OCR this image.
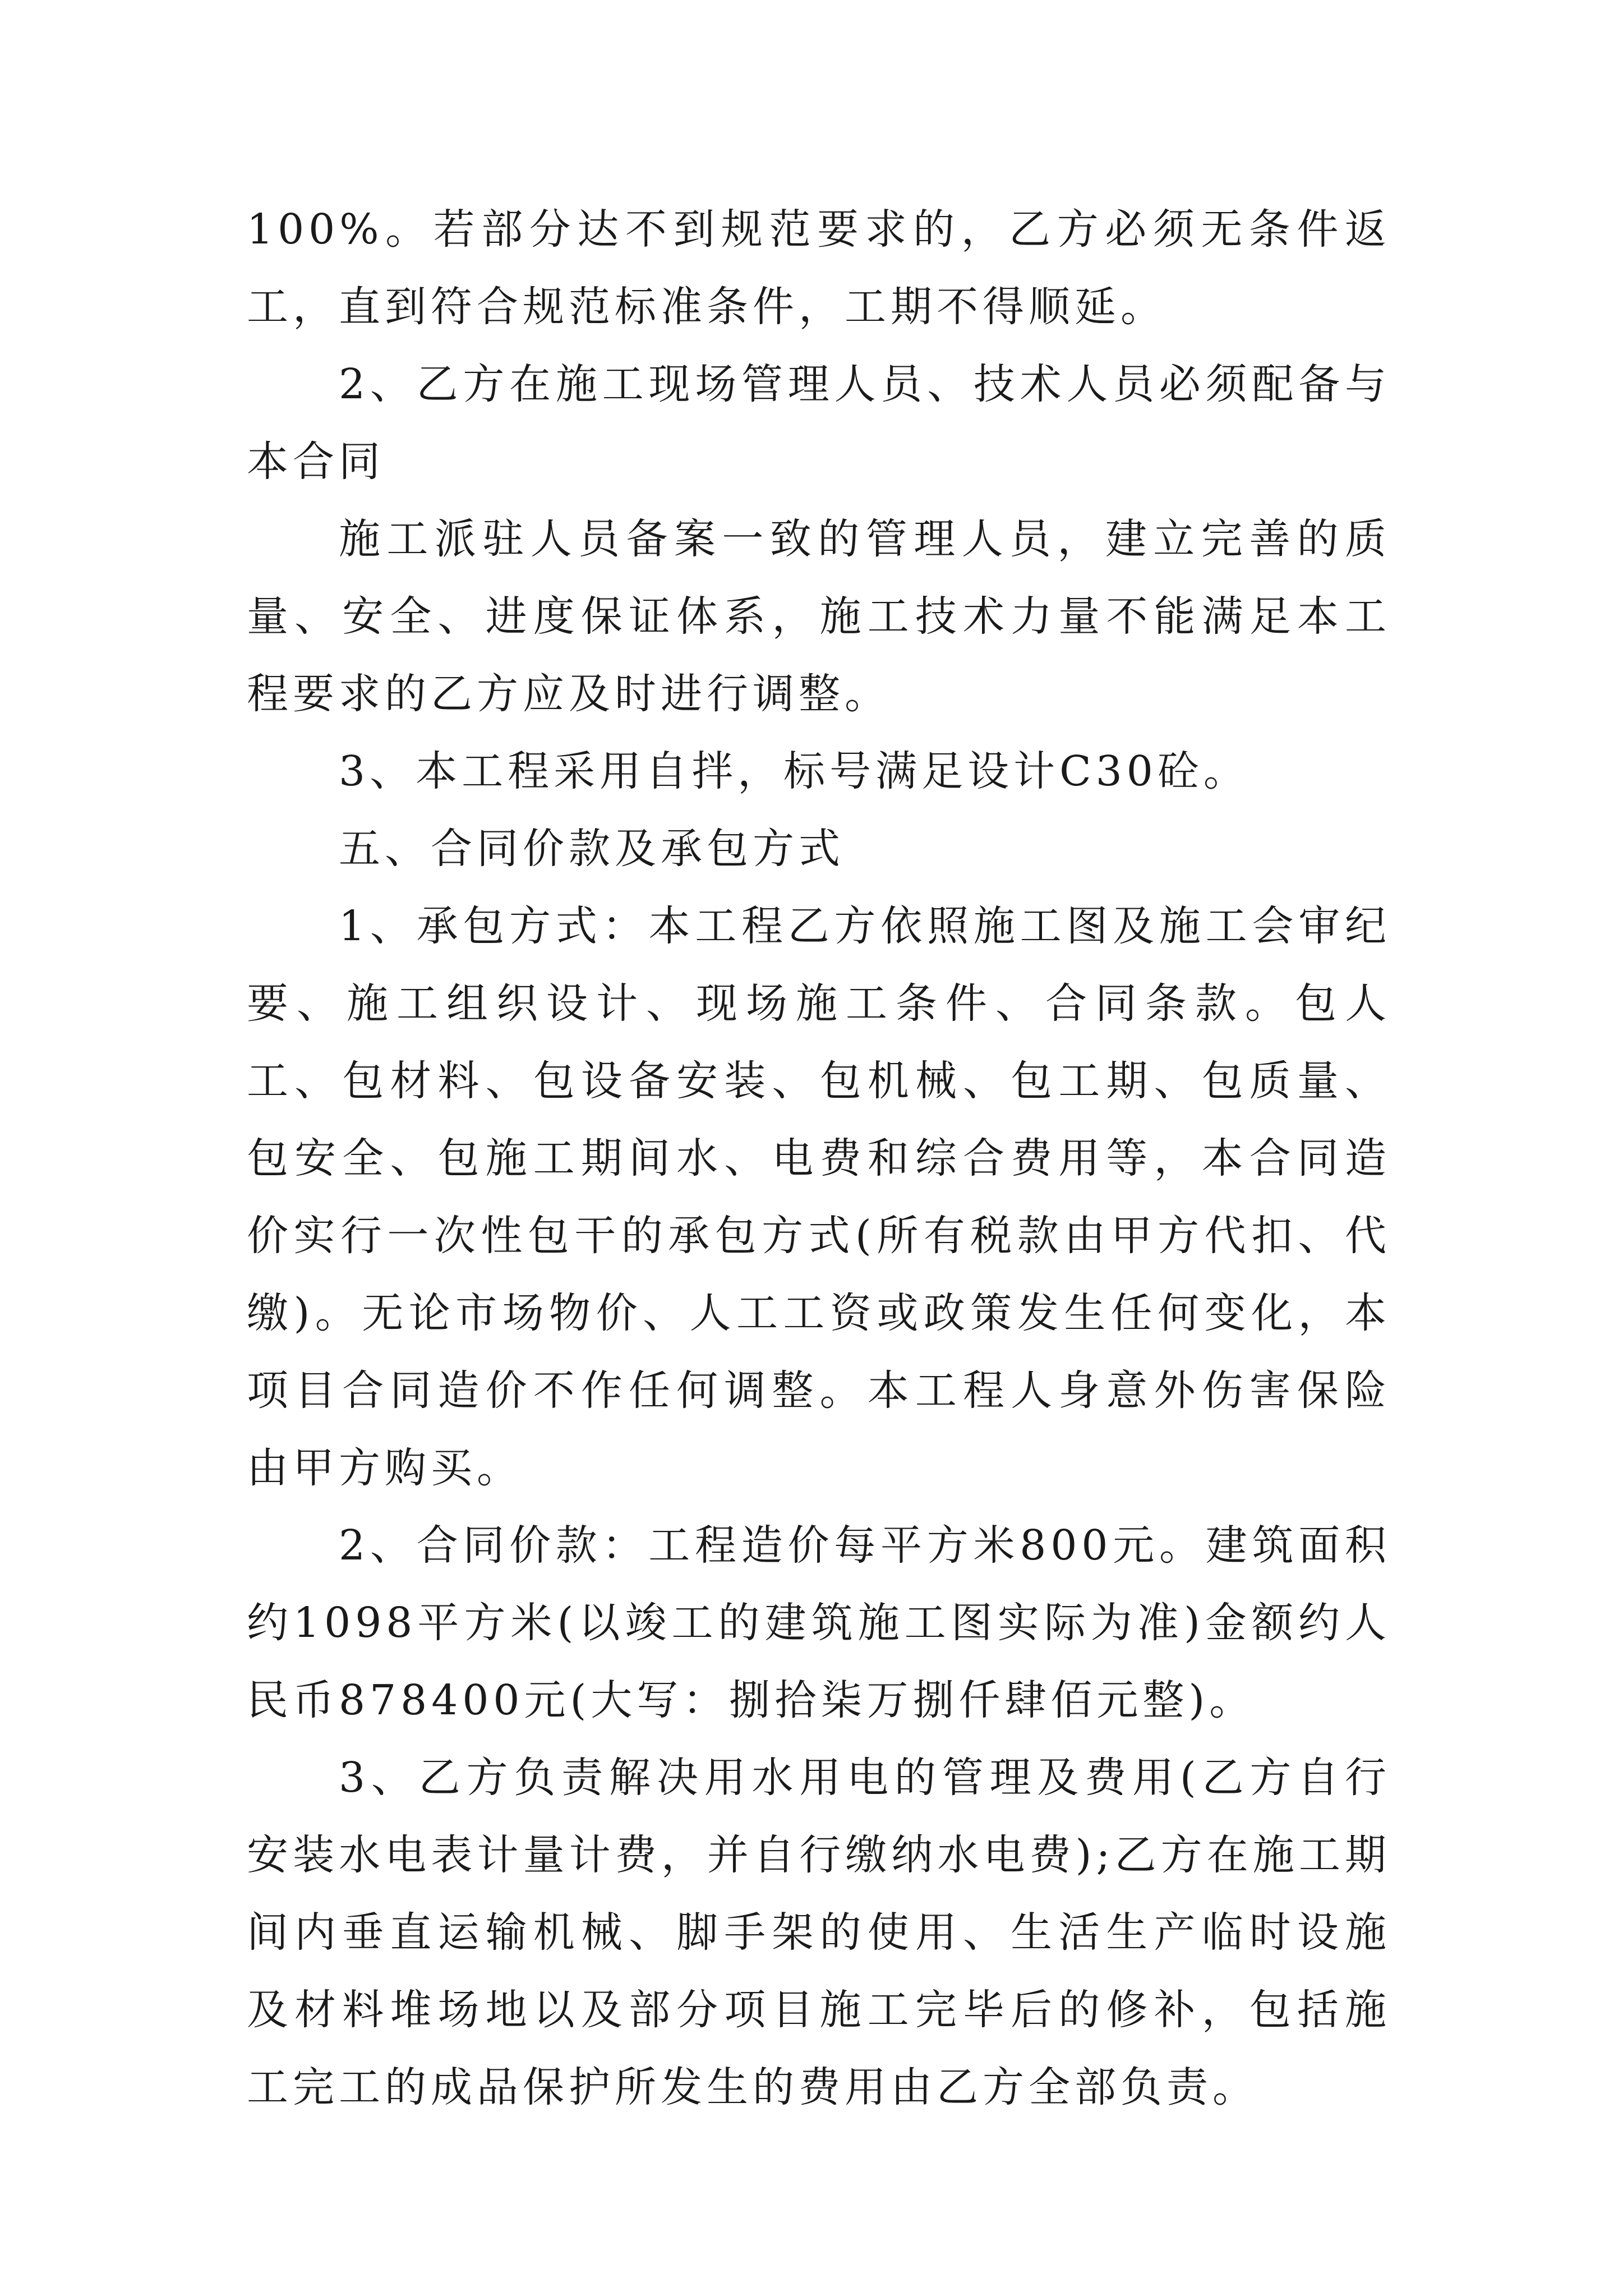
100%。若部分达不到规范要求的，乙方必须无条件返工，直到符合规范标准条件，工期不得顺延。

2、乙方在施工现场管理人员、技术人员必须配备与本合同

施工派驻人员备案一致的管理人员，建立完善的质量、安全、进度保证体系，施工技术力量不能满足本工程要求的乙方应及时进行调整。

3、本工程采用自拌，标号满足设计C30砼。

五、合同价款及承包方式

1、承包方式：本工程乙方依照施工图及施工会审纪要、施工组织设计、现场施工条件、合同条款。包人工、包材料、包设备安装、包机械、包工期、包质量、包安全、包施工期间水、电费和综合费用等，本合同造价实行一次性包干的承包方式(所有税款由甲方代扣、代缴)。无论市场物价、人工工资或政策发生任何变化，本项目合同造价不作任何调整。本工程人身意外伤害保险由甲方购买。

2、合同价款：工程造价每平方米800元。建筑面积约1098平方米(以竣工的建筑施工图实际为准)金额约人民币878400元(大写：捌拾柒万捌仟肆佰元整)。

3、乙方负责解决用水用电的管理及费用(乙方自行安装水电表计量计费，并自行缴纳水电费);乙方在施工期间内垂直运输机械、脚手架的使用、生活生产临时设施及材料堆场地以及部分项目施工完毕后的修补，包括施工完工的成品保护所发生的费用由乙方全部负责。
